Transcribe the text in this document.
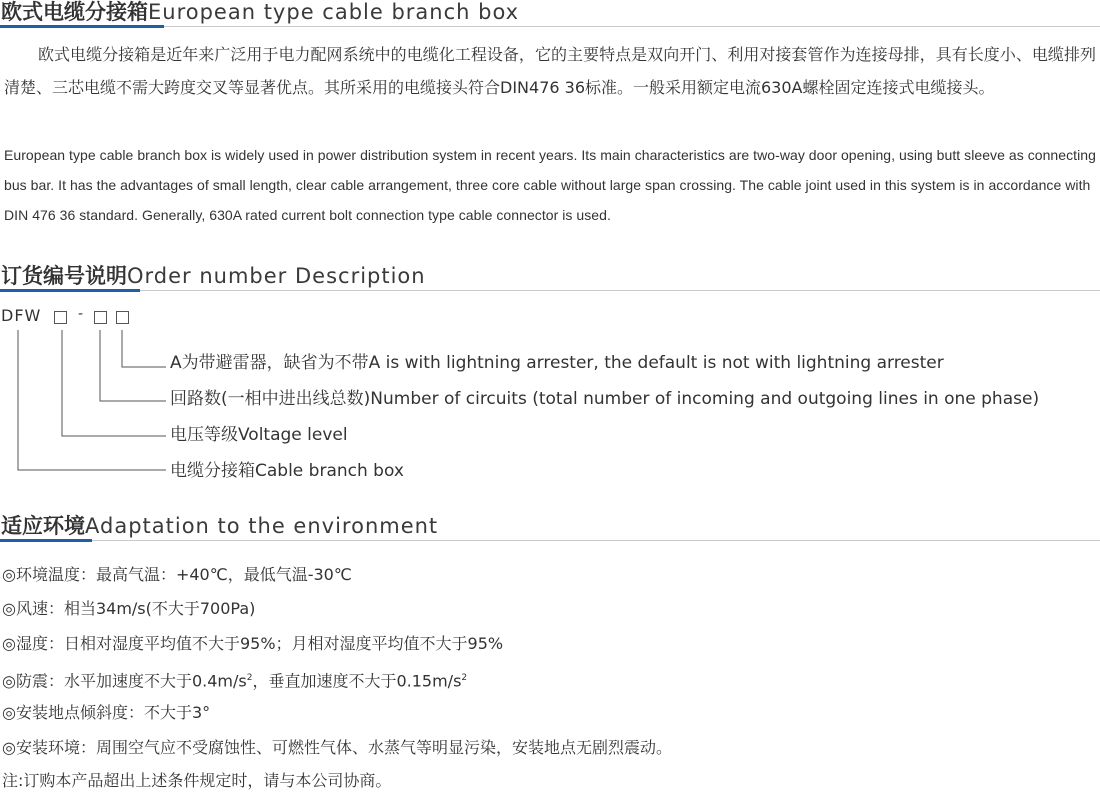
欧式电缆分接箱European type cable branch box
欧式电缆分接箱是近年来广泛用于电力配网系统中的电缆化工程设备，它的主要特点是双向开门、利用对接套管作为连接母排，具有长度小、电缆排列清楚、三芯电缆不需大跨度交叉等显著优点。其所采用的电缆接头符合DIN476 36标准。一般采用额定电流630A螺栓固定连接式电缆接头。
European type cable branch box is widely used in power distribution system in recent years. Its main characteristics are two-way door opening, using butt sleeve as connecting bus bar. It has the advantages of small length, clear cable arrangement, three core cable without large span crossing. The cable joint used in this system is in accordance with DIN 476 36 standard. Generally, 630A rated current bolt connection type cable connector is used.
订货编号说明Order number Description
DFW	-
A为带避雷器，缺省为不带A is with lightning arrester, the default is not with lightning arrester
回路数(一相中进出线总数)Number of circuits (total number of incoming and outgoing lines in one phase)
电压等级Voltage level
电缆分接箱Cable branch box
适应环境Adaptation to the environment
◎环境温度：最高气温：+40℃，最低气温-30℃
◎风速：相当34m/s(不大于700Pa)
◎湿度：日相对湿度平均值不大于95%；月相对湿度平均值不大于95%
◎防震：水平加速度不大于$0.4m/s^2$，垂直加速度不大于$0.15m/s^2$
◎安装地点倾斜度：不大于3°
◎安装环境：周围空气应不受腐蚀性、可燃性气体、水蒸气等明显污染，安装地点无剧烈震动。
注:订购本产品超出上述条件规定时，请与本公司协商。
